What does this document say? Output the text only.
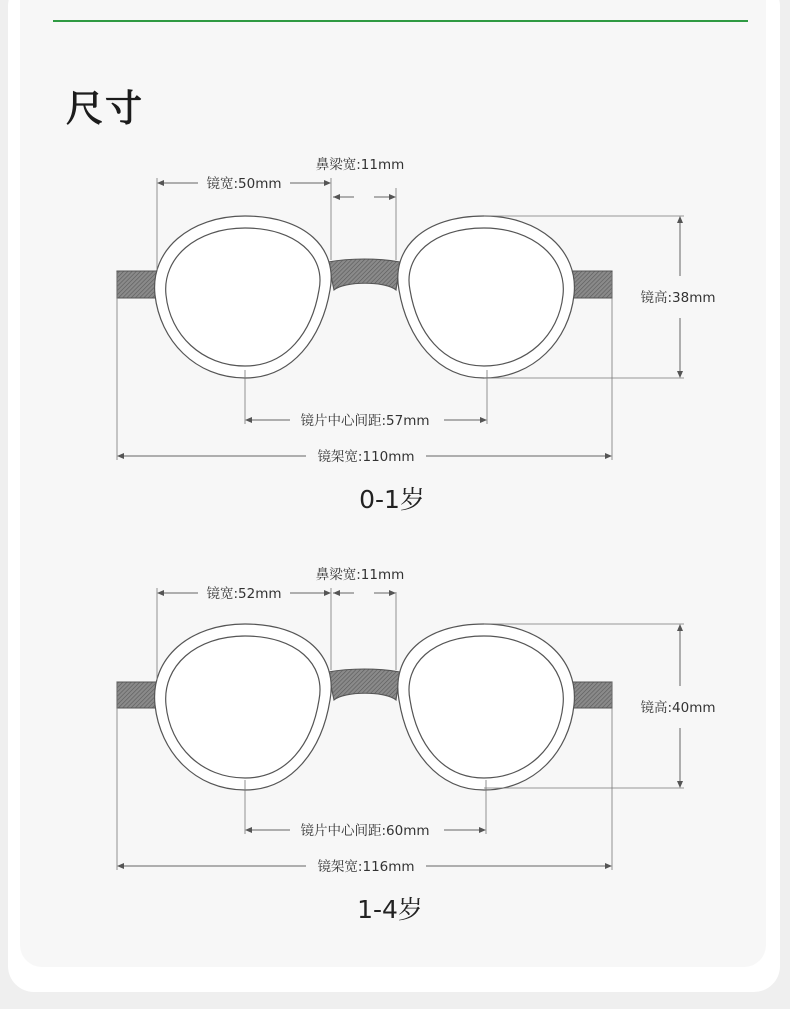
尺寸
镜宽:50mm
鼻梁宽:11mm
镜高:38mm
镜片中心间距:57mm
镜架宽:110mm
0-1岁
镜宽:52mm
鼻梁宽:11mm
镜高:40mm
镜片中心间距:60mm
镜架宽:116mm
1-4岁
